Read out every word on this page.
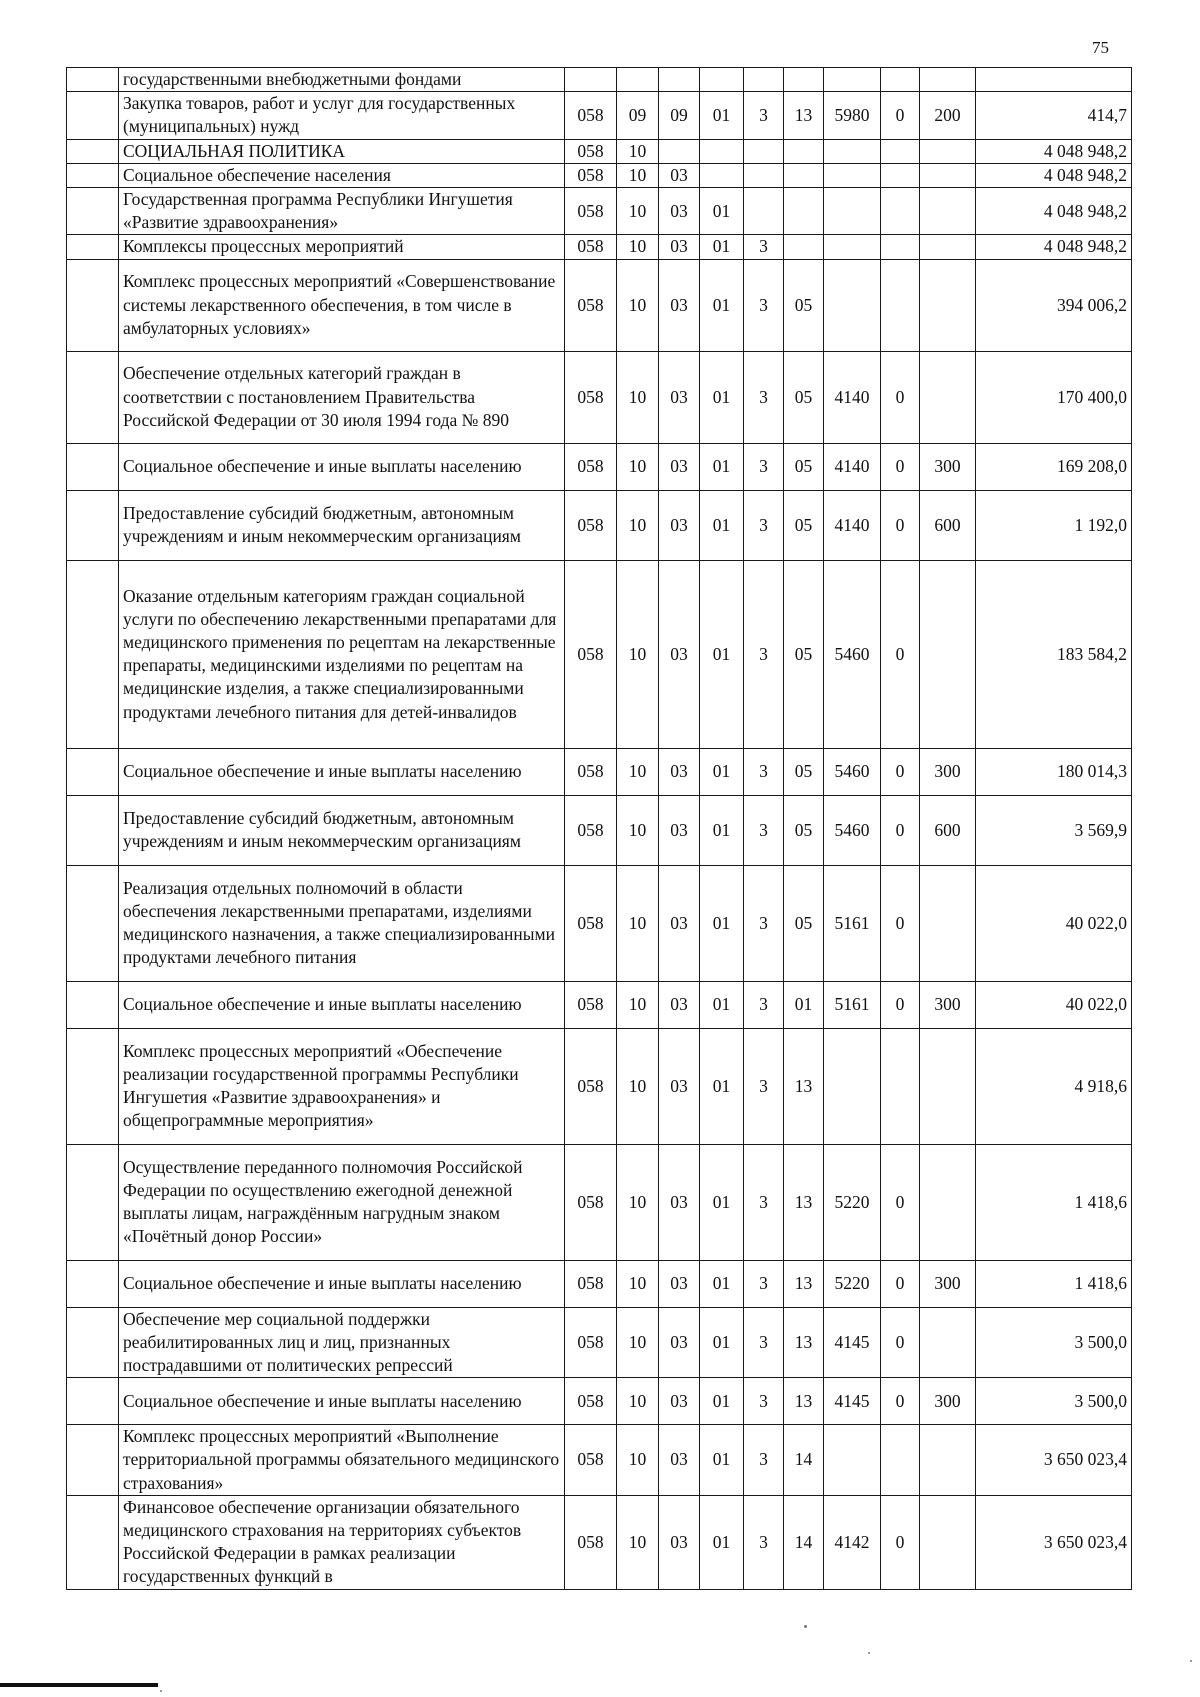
75
	государственными внебюджетными фондами										
	Закупка товаров, работ и услуг для государственных (муниципальных) нужд	058	09	09	01	3	13	5980	0	200	414,7
	СОЦИАЛЬНАЯ ПОЛИТИКА	058	10								4 048 948,2
	Социальное обеспечение населения	058	10	03							4 048 948,2
	Государственная программа Республики Ингушетия «Развитие здравоохранения»	058	10	03	01						4 048 948,2
	Комплексы процессных мероприятий	058	10	03	01	3					4 048 948,2
	Комплекс процессных мероприятий «Совершенствование системы лекарственного обеспечения, в том числе в амбулаторных условиях»	058	10	03	01	3	05				394 006,2
	Обеспечение отдельных категорий граждан в соответствии с постановлением Правительства Российской Федерации от 30 июля 1994 года № 890	058	10	03	01	3	05	4140	0		170 400,0
	Социальное обеспечение и иные выплаты населению	058	10	03	01	3	05	4140	0	300	169 208,0
	Предоставление субсидий бюджетным, автономным учреждениям и иным некоммерческим организациям	058	10	03	01	3	05	4140	0	600	1 192,0
	Оказание отдельным категориям граждан социальной услуги по обеспечению лекарственными препаратами для медицинского применения по рецептам на лекарственные препараты, медицинскими изделиями по рецептам на медицинские изделия, а также специализированными продуктами лечебного питания для детей-инвалидов	058	10	03	01	3	05	5460	0		183 584,2
	Социальное обеспечение и иные выплаты населению	058	10	03	01	3	05	5460	0	300	180 014,3
	Предоставление субсидий бюджетным, автономным учреждениям и иным некоммерческим организациям	058	10	03	01	3	05	5460	0	600	3 569,9
	Реализация отдельных полномочий в области обеспечения лекарственными препаратами, изделиями медицинского назначения, а также специализированными продуктами лечебного питания	058	10	03	01	3	05	5161	0		40 022,0
	Социальное обеспечение и иные выплаты населению	058	10	03	01	3	01	5161	0	300	40 022,0
	Комплекс процессных мероприятий «Обеспечение реализации государственной программы Республики Ингушетия «Развитие здравоохранения» и общепрограммные мероприятия»	058	10	03	01	3	13				4 918,6
	Осуществление переданного полномочия Российской Федерации по осуществлению ежегодной денежной выплаты лицам, награждённым нагрудным знаком «Почётный донор России»	058	10	03	01	3	13	5220	0		1 418,6
	Социальное обеспечение и иные выплаты населению	058	10	03	01	3	13	5220	0	300	1 418,6
	Обеспечение мер социальной поддержки реабилитированных лиц и лиц, признанных пострадавшими от политических репрессий	058	10	03	01	3	13	4145	0		3 500,0
	Социальное обеспечение и иные выплаты населению	058	10	03	01	3	13	4145	0	300	3 500,0
	Комплекс процессных мероприятий «Выполнение территориальной программы обязательного медицинского страхования»	058	10	03	01	3	14				3 650 023,4
	Финансовое обеспечение организации обязательного медицинского страхования на территориях субъектов Российской Федерации в рамках реализации государственных функций в	058	10	03	01	3	14	4142	0		3 650 023,4
